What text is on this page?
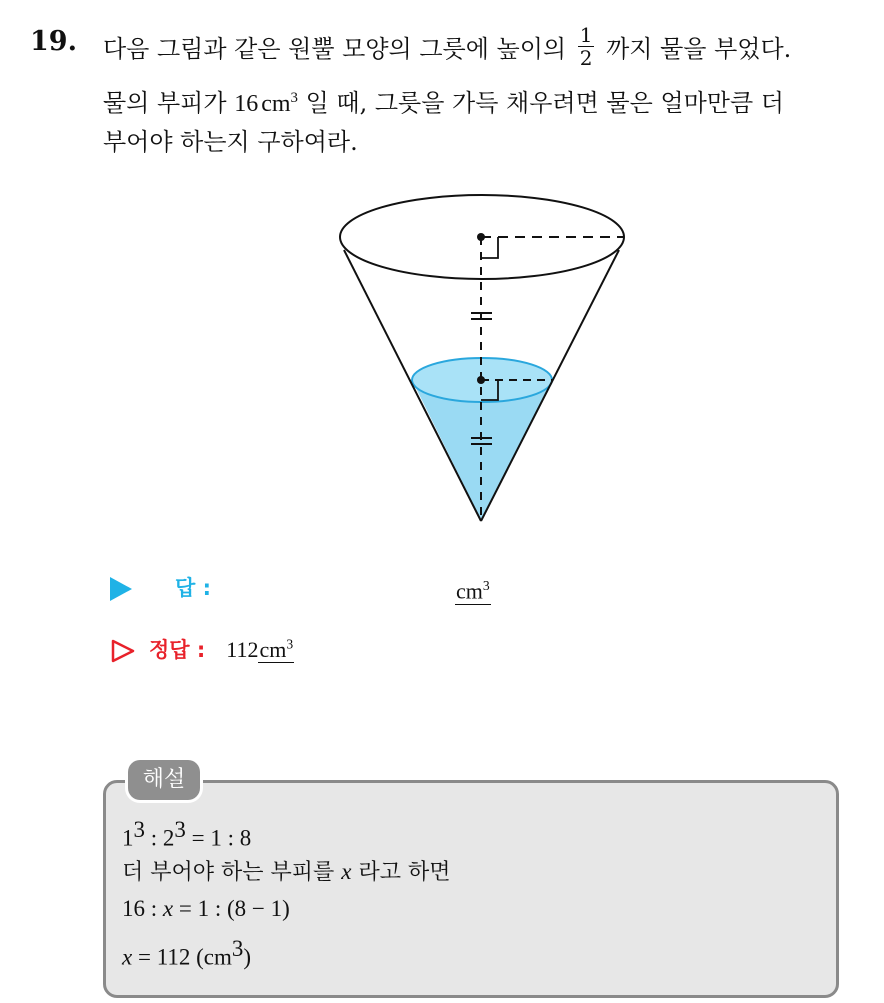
19. 다음 그림과 같은 원뿔 모양의 그릇에 높이의 $\frac{1}{2}$ 까지 물을 부었다.
물의 부피가 16 $cm^3$ 일 때, 그릇을 가득 채우려면 물은 얼마만큼 더
부어야 하는지 구하여라.
답 :	$cm^3$
정답 : $112cm^3$
해설
$1^3$ : $2^3 = 1$ : 8
더 부어야 하는 부피를 x 라고 하면
16 : x = 1 : (8 − 1)
x = 112 $(cm^3)$
